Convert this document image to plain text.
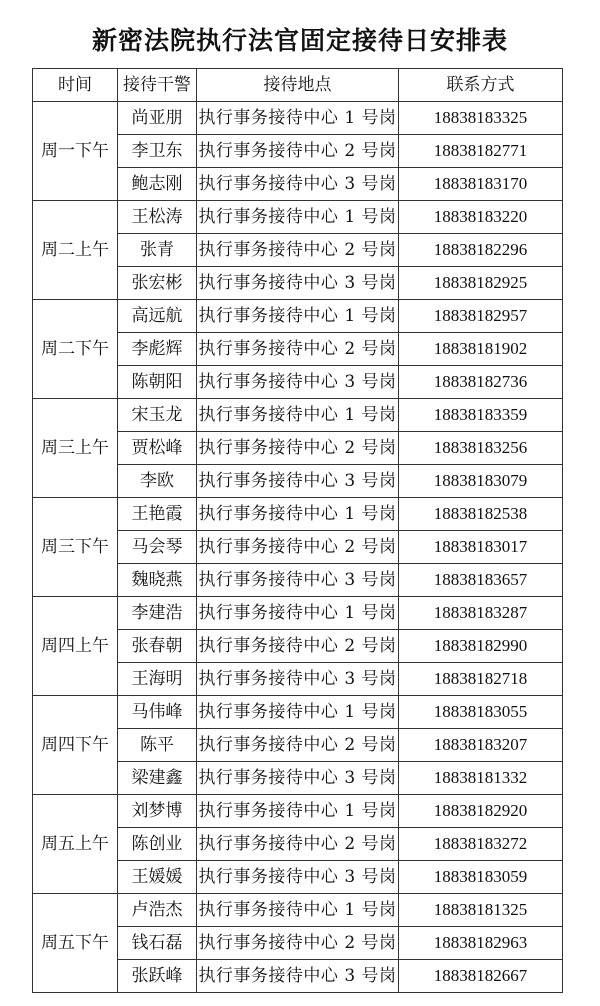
新密法院执行法官固定接待日安排表
时间	接待干警	接待地点	联系方式
周一下午	尚亚朋	执行事务接待中心 1 号岗	18838183325
	李卫东	执行事务接待中心 2 号岗	18838182771
	鲍志刚	执行事务接待中心 3 号岗	18838183170
周二上午	王松涛	执行事务接待中心 1 号岗	18838183220
	张青	执行事务接待中心 2 号岗	18838182296
	张宏彬	执行事务接待中心 3 号岗	18838182925
周二下午	高远航	执行事务接待中心 1 号岗	18838182957
	李彪辉	执行事务接待中心 2 号岗	18838181902
	陈朝阳	执行事务接待中心 3 号岗	18838182736
周三上午	宋玉龙	执行事务接待中心 1 号岗	18838183359
	贾松峰	执行事务接待中心 2 号岗	18838183256
	李欧	执行事务接待中心 3 号岗	18838183079
周三下午	王艳霞	执行事务接待中心 1 号岗	18838182538
	马会琴	执行事务接待中心 2 号岗	18838183017
	魏晓燕	执行事务接待中心 3 号岗	18838183657
周四上午	李建浩	执行事务接待中心 1 号岗	18838183287
	张春朝	执行事务接待中心 2 号岗	18838182990
	王海明	执行事务接待中心 3 号岗	18838182718
周四下午	马伟峰	执行事务接待中心 1 号岗	18838183055
	陈平	执行事务接待中心 2 号岗	18838183207
	梁建鑫	执行事务接待中心 3 号岗	18838181332
周五上午	刘梦博	执行事务接待中心 1 号岗	18838182920
	陈创业	执行事务接待中心 2 号岗	18838183272
	王媛媛	执行事务接待中心 3 号岗	18838183059
周五下午	卢浩杰	执行事务接待中心 1 号岗	18838181325
	钱石磊	执行事务接待中心 2 号岗	18838182963
	张跃峰	执行事务接待中心 3 号岗	18838182667
